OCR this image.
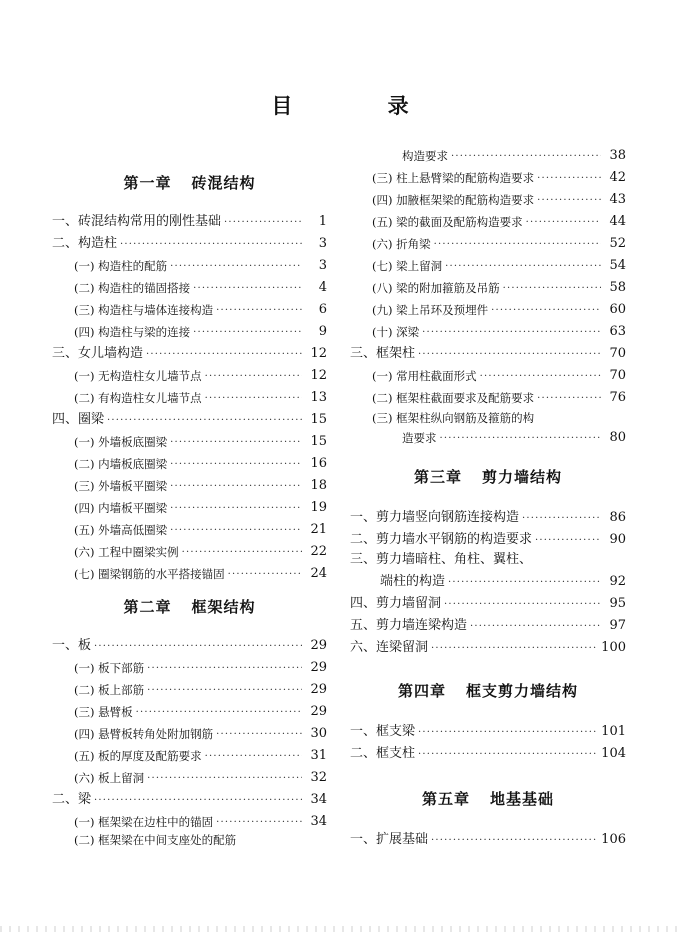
目 录
第一章 砖混结构
一、砖混结构常用的刚性基础 ·····	1
二、构造柱 ·····	3
(一) 构造柱的配筋 ·····	3
(二) 构造柱的锚固搭接 ·····	4
(三) 构造柱与墙体连接构造 ·····	6
(四) 构造柱与梁的连接 ·····	9
三、女儿墙构造 ·····	12
(一) 无构造柱女儿墙节点 ·····	12
(二) 有构造柱女儿墙节点 ·····	13
四、圈梁 ·····	15
(一) 外墙板底圈梁 ·····	15
(二) 内墙板底圈梁 ·····	16
(三) 外墙板平圈梁 ·····	18
(四) 内墙板平圈梁 ·····	19
(五) 外墙高低圈梁 ·····	21
(六) 工程中圈梁实例 ·····	22
(七) 圈梁钢筋的水平搭接锚固 ·····	24
第二章 框架结构
一、板 ·····	29
(一) 板下部筋 ·····	29
(二) 板上部筋 ·····	29
(三) 悬臂板 ·····	29
(四) 悬臂板转角处附加钢筋 ·····	30
(五) 板的厚度及配筋要求 ·····	31
(六) 板上留洞 ·····	32
二、梁 ·····	34
(一) 框架梁在边柱中的锚固 ·····	34
(二) 框架梁在中间支座处的配筋
构造要求 ·····	38
(三) 柱上悬臂梁的配筋构造要求 ·····	42
(四) 加腋框架梁的配筋构造要求 ·····	43
(五) 梁的截面及配筋构造要求 ·····	44
(六) 折角梁 ·····	52
(七) 梁上留洞 ·····	54
(八) 梁的附加箍筋及吊筋 ·····	58
(九) 梁上吊环及预埋件 ·····	60
(十) 深梁 ·····	63
三、框架柱 ·····	70
(一) 常用柱截面形式 ·····	70
(二) 框架柱截面要求及配筋要求 ·····	76
(三) 框架柱纵向钢筋及箍筋的构
造要求 ·····	80
第三章 剪力墙结构
一、剪力墙竖向钢筋连接构造 ·····	86
二、剪力墙水平钢筋的构造要求 ·····	90
三、剪力墙暗柱、角柱、翼柱、
端柱的构造 ·····	92
四、剪力墙留洞 ·····	95
五、剪力墙连梁构造 ·····	97
六、连梁留洞 ·····	100
第四章 框支剪力墙结构
一、框支梁 ·····	101
二、框支柱 ·····	104
第五章 地基基础
一、扩展基础 ·····	106
